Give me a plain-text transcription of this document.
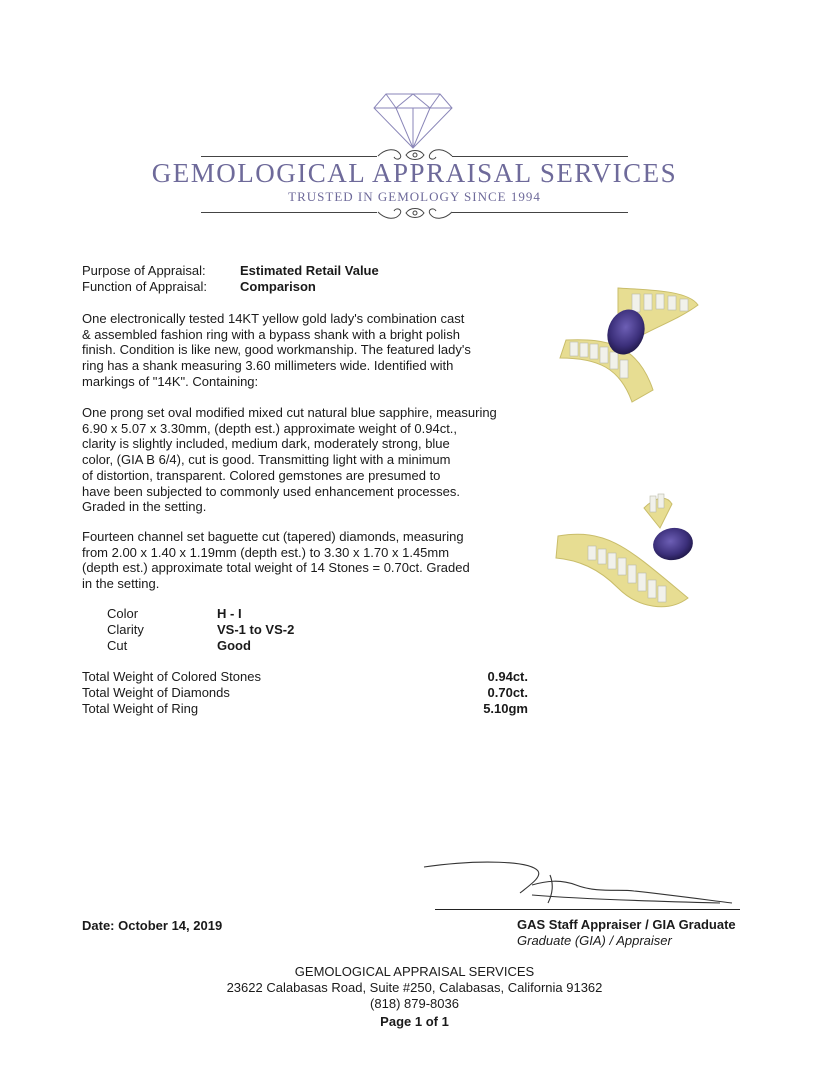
GEMOLOGICAL APPRAISAL SERVICES
TRUSTED IN GEMOLOGY SINCE 1994
Purpose of Appraisal:	Estimated Retail Value
Function of Appraisal:	Comparison
One electronically tested 14KT yellow gold lady's combination cast
& assembled fashion ring with a bypass shank with a bright polish
finish. Condition is like new, good workmanship. The featured lady's
ring has a shank measuring 3.60 millimeters wide. Identified with
markings of "14K". Containing:
One prong set oval modified mixed cut natural blue sapphire, measuring
6.90 x 5.07 x 3.30mm, (depth est.) approximate weight of 0.94ct.,
clarity is slightly included, medium dark, moderately strong, blue
color, (GIA B 6/4), cut is good. Transmitting light with a minimum
of distortion, transparent. Colored gemstones are presumed to
have been subjected to commonly used enhancement processes.
Graded in the setting.
Fourteen channel set baguette cut (tapered) diamonds, measuring
from 2.00 x 1.40 x 1.19mm (depth est.) to 3.30 x 1.70 x 1.45mm
(depth est.) approximate total weight of 14 Stones = 0.70ct. Graded
in the setting.
Color	H - I
Clarity	VS-1 to VS-2
Cut	Good
Total Weight of Colored Stones	0.94ct.
Total Weight of Diamonds	0.70ct.
Total Weight of Ring	5.10gm
GAS Staff Appraiser / GIA Graduate
Graduate (GIA) / Appraiser
Date: October 14, 2019
GEMOLOGICAL APPRAISAL SERVICES
23622 Calabasas Road, Suite #250, Calabasas, California 91362
(818) 879-8036
Page 1 of 1
